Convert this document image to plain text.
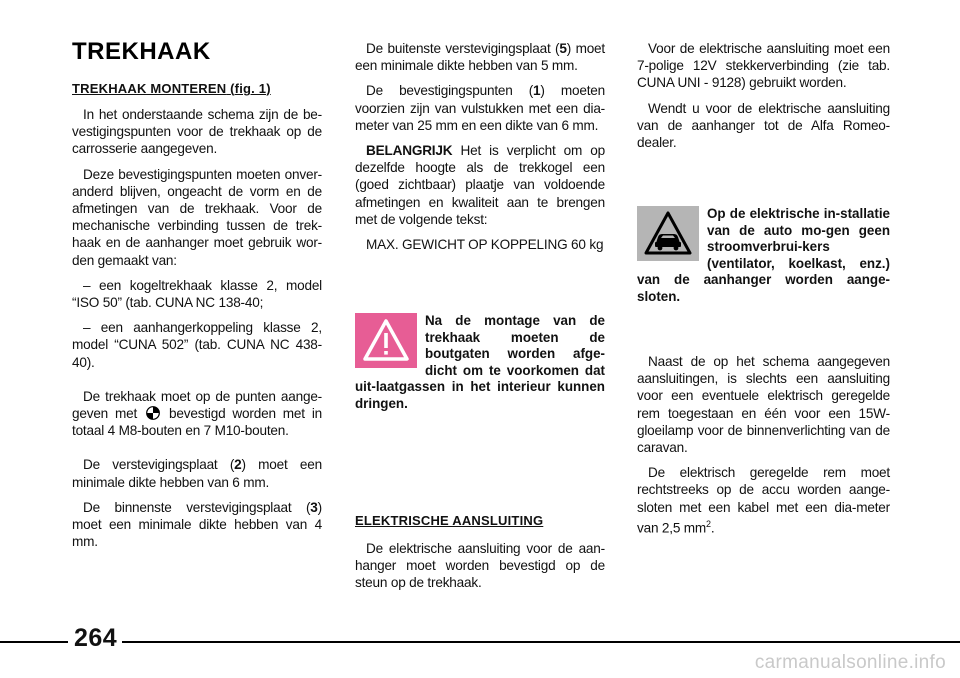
TREKHAAK
TREKHAAK MONTEREN (fig. 1)

In het onderstaande schema zijn de be-vestigingspunten voor de trekhaak op de carrosserie aangegeven.

Deze bevestigingspunten moeten onver-anderd blijven, ongeacht de vorm en de afmetingen van de trekhaak. Voor de mechanische verbinding tussen de trek-haak en de aanhanger moet gebruik wor-den gemaakt van:

– een kogeltrekhaak klasse 2, model “ISO 50” (tab. CUNA NC 138-40;

– een aanhangerkoppeling klasse 2, model “CUNA 502” (tab. CUNA NC 438-40).

De trekhaak moet op de punten aange-geven met bevestigd worden met in totaal 4 M8-bouten en 7 M10-bouten.

De verstevigingsplaat (2) moet een minimale dikte hebben van 6 mm.

De binnenste verstevigingsplaat (3) moet een minimale dikte hebben van 4 mm.

De buitenste verstevigingsplaat (5) moet een minimale dikte hebben van 5 mm.

De bevestigingspunten (1) moeten voorzien zijn van vulstukken met een dia-meter van 25 mm en een dikte van 6 mm.

BELANGRIJK Het is verplicht om op dezelfde hoogte als de trekkogel een (goed zichtbaar) plaatje van voldoende afmetingen en kwaliteit aan te brengen met de volgende tekst:

MAX. GEWICHT OP KOPPELING 60 kg

Na de montage van de trekhaak moeten de boutgaten worden afge-dicht om te voorkomen dat uit-laatgassen in het interieur kunnen dringen.

ELEKTRISCHE AANSLUITING

De elektrische aansluiting voor de aan-hanger moet worden bevestigd op de steun op de trekhaak.

Voor de elektrische aansluiting moet een 7-polige 12V stekkerverbinding (zie tab. CUNA UNI - 9128) gebruikt worden.

Wendt u voor de elektrische aansluiting van de aanhanger tot de Alfa Romeo-dealer.

Op de elektrische in-stallatie van de auto mo-gen geen stroomverbrui-kers (ventilator, koelkast, enz.) van de aanhanger worden aange-sloten.

Naast de op het schema aangegeven aansluitingen, is slechts een aansluiting voor een eventuele elektrisch geregelde rem toegestaan en één voor een 15W-gloeilamp voor de binnenverlichting van de caravan.

De elektrisch geregelde rem moet rechtstreeks op de accu worden aange-sloten met een kabel met een dia-meter van 2,5 $mm^2$.

264
carmanualsonline.info
